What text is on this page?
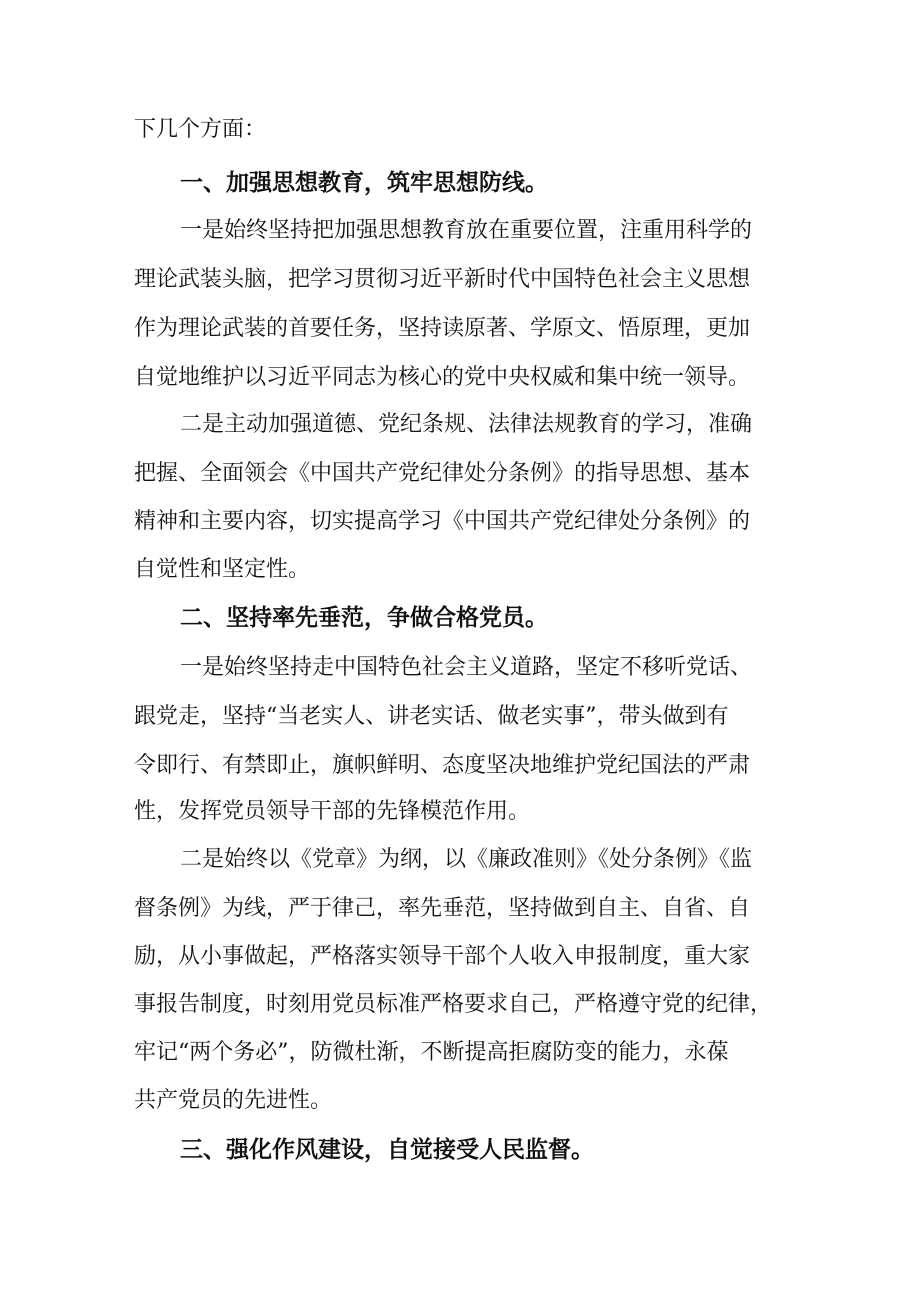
下几个方面：
一、加强思想教育，筑牢思想防线。
一是始终坚持把加强思想教育放在重要位置，注重用科学的
理论武装头脑，把学习贯彻习近平新时代中国特色社会主义思想
作为理论武装的首要任务，坚持读原著、学原文、悟原理，更加
自觉地维护以习近平同志为核心的党中央权威和集中统一领导。
二是主动加强道德、党纪条规、法律法规教育的学习，准确
把握、全面领会《中国共产党纪律处分条例》的指导思想、基本
精神和主要内容，切实提高学习《中国共产党纪律处分条例》的
自觉性和坚定性。
二、坚持率先垂范，争做合格党员。
一是始终坚持走中国特色社会主义道路，坚定不移听党话、
跟党走，坚持“当老实人、讲老实话、做老实事”，带头做到有
令即行、有禁即止，旗帜鲜明、态度坚决地维护党纪国法的严肃
性，发挥党员领导干部的先锋模范作用。
二是始终以《党章》为纲，以《廉政准则》《处分条例》《监
督条例》为线，严于律己，率先垂范，坚持做到自主、自省、自
励，从小事做起，严格落实领导干部个人收入申报制度，重大家
事报告制度，时刻用党员标准严格要求自己，严格遵守党的纪律，
牢记“两个务必”，防微杜渐，不断提高拒腐防变的能力，永葆
共产党员的先进性。
三、强化作风建设，自觉接受人民监督。
